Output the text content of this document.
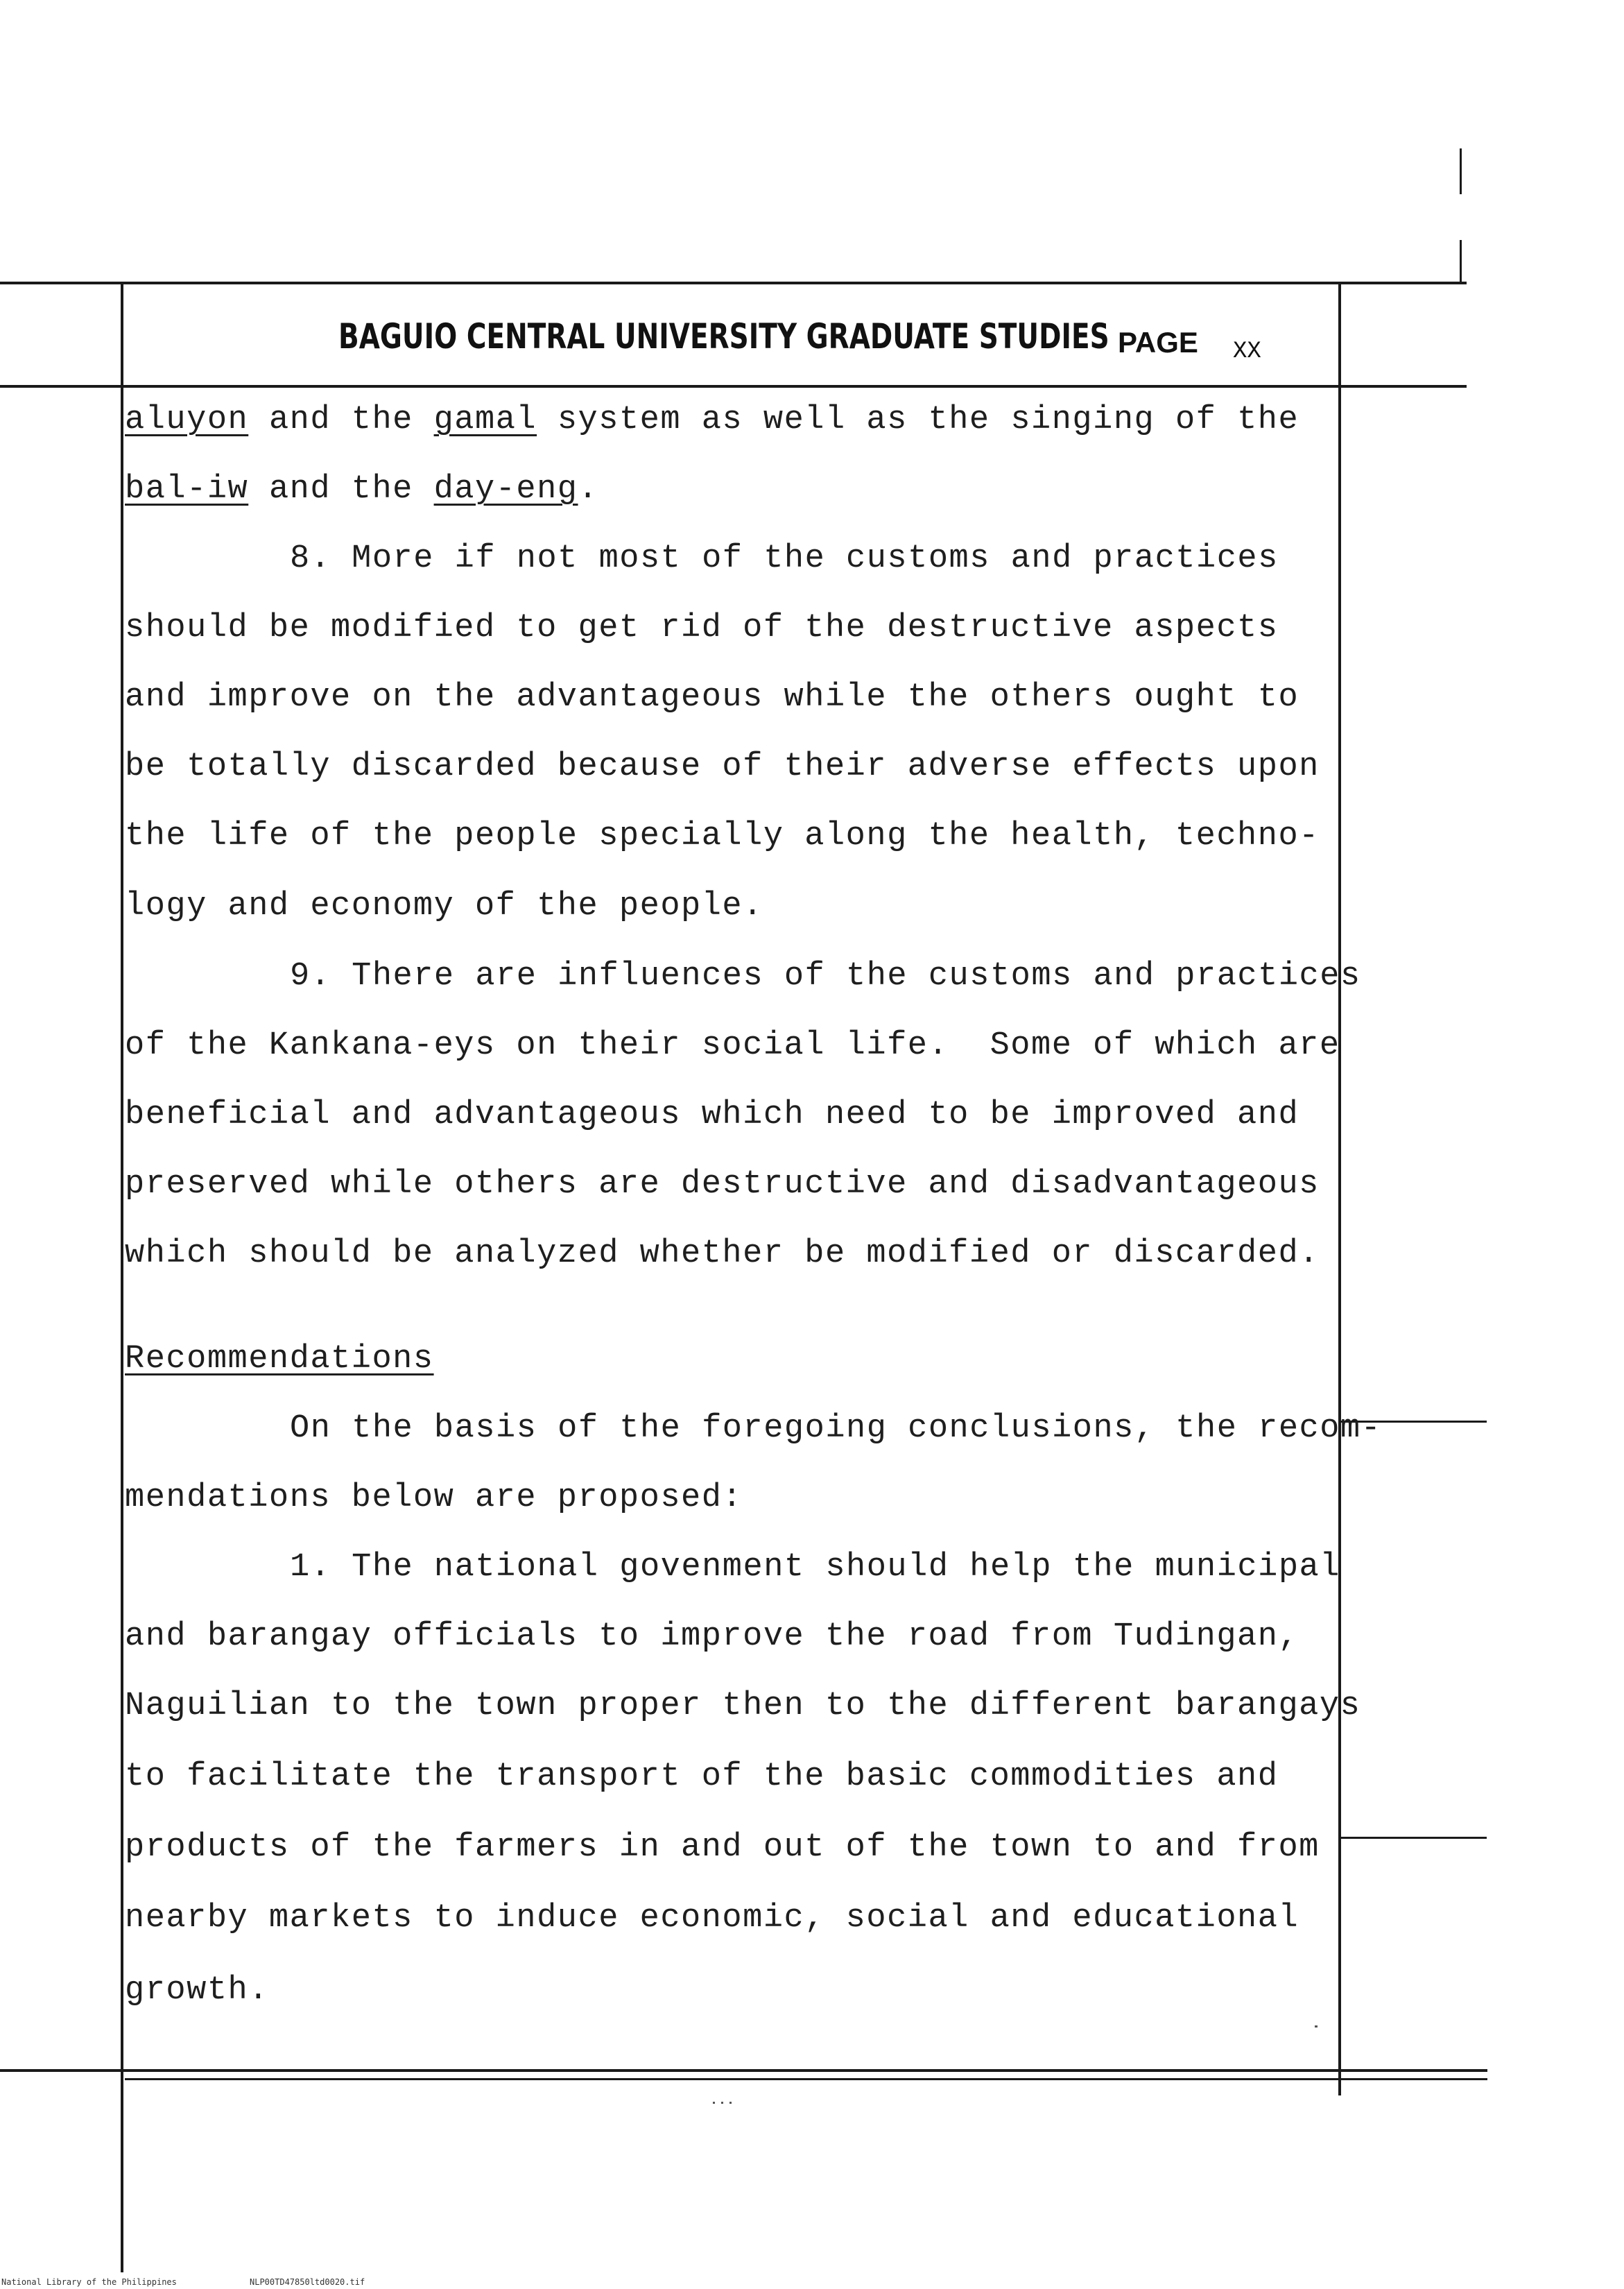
BAGUIO CENTRAL UNIVERSITY GRADUATE STUDIES PAGE XX
aluyon and the gamal system as well as the singing of the
bal-iw and the day-eng.
8. More if not most of the customs and practices
should be modified to get rid of the destructive aspects
and improve on the advantageous while the others ought to
be totally discarded because of their adverse effects upon
the life of the people specially along the health, techno-
logy and economy of the people.
9. There are influences of the customs and practices
of the Kankana-eys on their social life.  Some of which are
beneficial and advantageous which need to be improved and
preserved while others are destructive and disadvantageous
which should be analyzed whether be modified or discarded.
Recommendations
On the basis of the foregoing conclusions, the recom-
mendations below are proposed:
1. The national govenment should help the municipal
and barangay officials to improve the road from Tudingan,
Naguilian to the town proper then to the different barangays
to facilitate the transport of the basic commodities and
products of the farmers in and out of the town to and from
nearby markets to induce economic, social and educational
growth.
National Library of the Philippines	NLP00TD47850ltd0020.tif
